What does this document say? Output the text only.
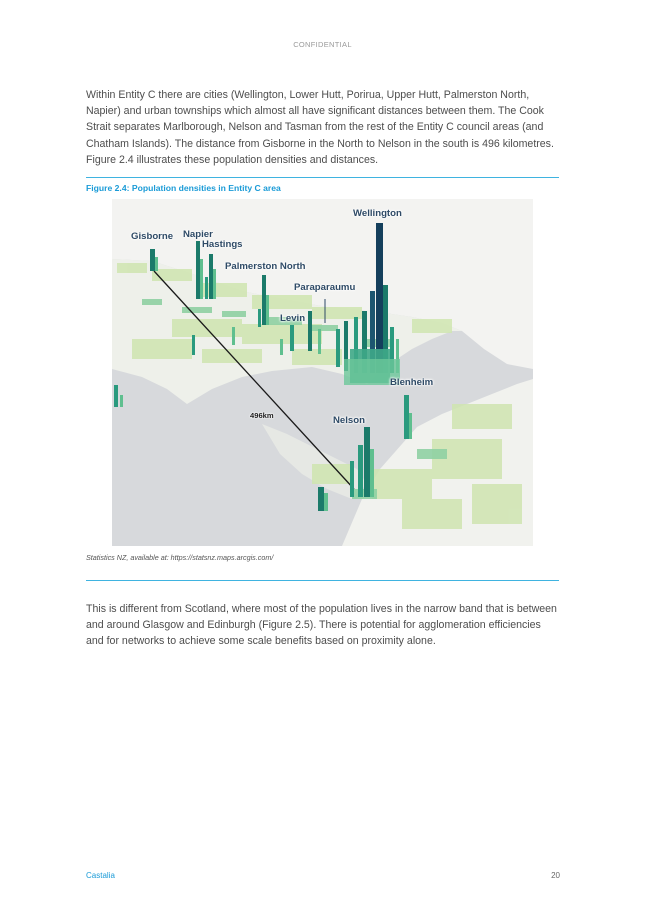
CONFIDENTIAL

Within Entity C there are cities (Wellington, Lower Hutt, Porirua, Upper Hutt, Palmerston North, Napier) and urban townships which almost all have significant distances between them. The Cook Strait separates Marlborough, Nelson and Tasman from the rest of the Entity C council areas (and Chatham Islands). The distance from Gisborne in the North to Nelson in the south is 496 kilometres. Figure 2.4 illustrates these population densities and distances.

Figure 2.4: Population densities in Entity C area
Wellington
Gisborne Napier
Hastings
Palmerston North
Paraparaumu
Levin
Blenheim
Nelson
496km
Statistics NZ, available at: https://statsnz.maps.arcgis.com/

This is different from Scotland, where most of the population lives in the narrow band that is between and around Glasgow and Edinburgh (Figure 2.5). There is potential for agglomeration efficiencies and for networks to achieve some scale benefits based on proximity alone.

Castalia	20
